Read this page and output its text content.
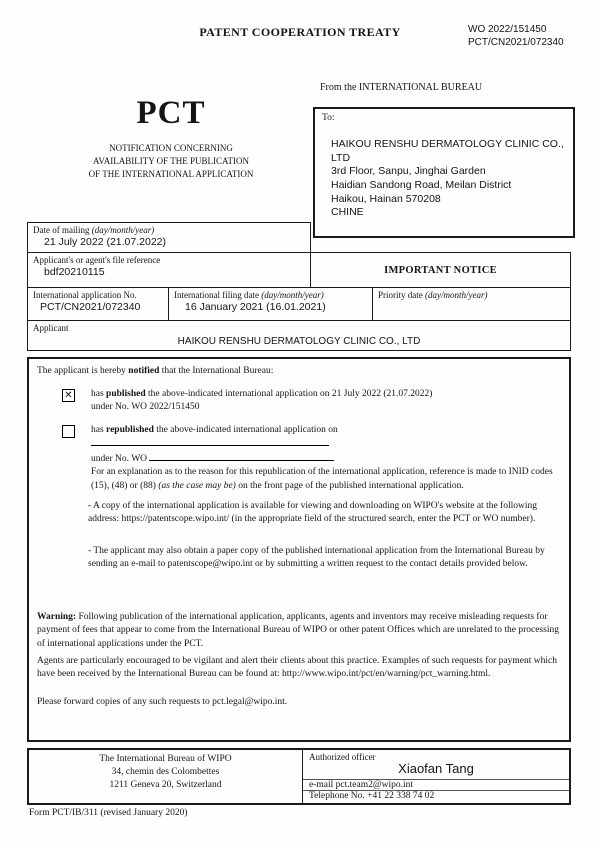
PATENT COOPERATION TREATY	WO 2022/151450
PCT/CN2021/072340
From the INTERNATIONAL BUREAU
PCT
NOTIFICATION CONCERNING
AVAILABILITY OF THE PUBLICATION
OF THE INTERNATIONAL APPLICATION
To:
HAIKOU RENSHU DERMATOLOGY CLINIC CO.,
LTD
3rd Floor, Sanpu, Jinghai Garden
Haidian Sandong Road, Meilan District
Haikou, Hainan 570208
CHINE
Date of mailing (day/month/year)
21 July 2022 (21.07.2022)
Applicant's or agent's file reference
bdf20210115	IMPORTANT NOTICE
International application No.
PCT/CN2021/072340
International filing date (day/month/year)
16 January 2021 (16.01.2021)
Priority date (day/month/year)
Applicant
HAIKOU RENSHU DERMATOLOGY CLINIC CO., LTD
The applicant is hereby notified that the International Bureau:
✕ has published the above-indicated international application on 21 July 2022 (21.07.2022)
under No. WO 2022/151450
has republished the above-indicated international application on
under No. WO
For an explanation as to the reason for this republication of the international application, reference is made to INID codes (15), (48) or (88) (as the case may be) on the front page of the published international application.
- A copy of the international application is available for viewing and downloading on WIPO's website at the following address: https://patentscope.wipo.int/ (in the appropriate field of the structured search, enter the PCT or WO number).
- The applicant may also obtain a paper copy of the published international application from the International Bureau by sending an e-mail to patentscope@wipo.int or by submitting a written request to the contact details provided below.
Warning: Following publication of the international application, applicants, agents and inventors may receive misleading requests for payment of fees that appear to come from the International Bureau of WIPO or other patent Offices which are unrelated to the processing of international applications under the PCT.
Agents are particularly encouraged to be vigilant and alert their clients about this practice. Examples of such requests for payment which have been received by the International Bureau can be found at: http://www.wipo.int/pct/en/warning/pct_warning.html.
Please forward copies of any such requests to pct.legal@wipo.int.
The International Bureau of WIPO
34, chemin des Colombettes
1211 Geneva 20, Switzerland
Authorized officer
Xiaofan Tang
e-mail pct.team2@wipo.int
Telephone No. +41 22 338 74 02
Form PCT/IB/311 (revised January 2020)
